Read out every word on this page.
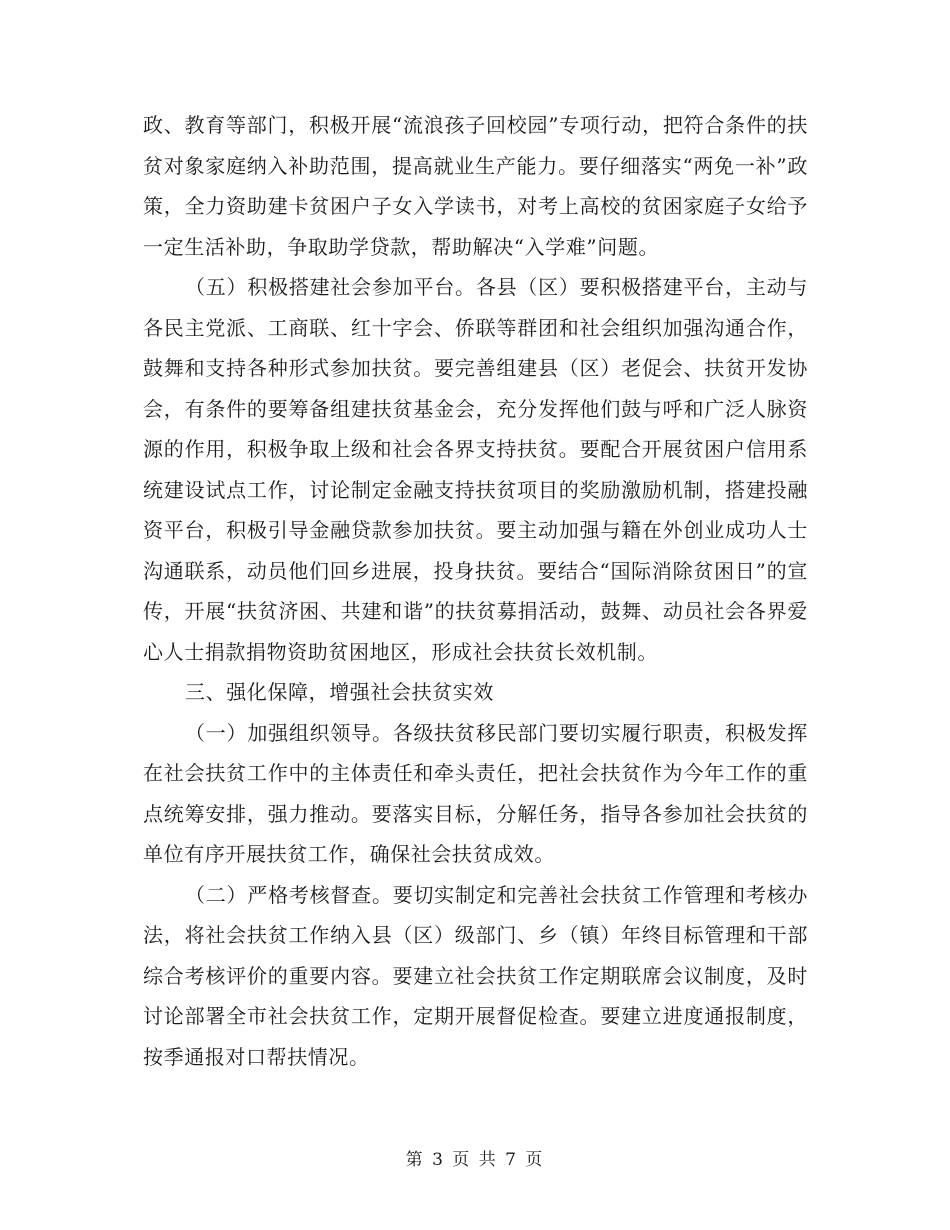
政、教育等部门，积极开展“流浪孩子回校园”专项行动，把符合条件的扶贫对象家庭纳入补助范围，提高就业生产能力。要仔细落实“两免一补”政策，全力资助建卡贫困户子女入学读书，对考上高校的贫困家庭子女给予一定生活补助，争取助学贷款，帮助解决“入学难”问题。

（五）积极搭建社会参加平台。各县（区）要积极搭建平台，主动与各民主党派、工商联、红十字会、侨联等群团和社会组织加强沟通合作，鼓舞和支持各种形式参加扶贫。要完善组建县（区）老促会、扶贫开发协会，有条件的要筹备组建扶贫基金会，充分发挥他们鼓与呼和广泛人脉资源的作用，积极争取上级和社会各界支持扶贫。要配合开展贫困户信用系统建设试点工作，讨论制定金融支持扶贫项目的奖励激励机制，搭建投融资平台，积极引导金融贷款参加扶贫。要主动加强与籍在外创业成功人士沟通联系，动员他们回乡进展，投身扶贫。要结合“国际消除贫困日”的宣传，开展“扶贫济困、共建和谐”的扶贫募捐活动，鼓舞、动员社会各界爱心人士捐款捐物资助贫困地区，形成社会扶贫长效机制。

三、强化保障，增强社会扶贫实效

（一）加强组织领导。各级扶贫移民部门要切实履行职责，积极发挥在社会扶贫工作中的主体责任和牵头责任，把社会扶贫作为今年工作的重点统筹安排，强力推动。要落实目标，分解任务，指导各参加社会扶贫的单位有序开展扶贫工作，确保社会扶贫成效。

（二）严格考核督查。要切实制定和完善社会扶贫工作管理和考核办法，将社会扶贫工作纳入县（区）级部门、乡（镇）年终目标管理和干部综合考核评价的重要内容。要建立社会扶贫工作定期联席会议制度，及时讨论部署全市社会扶贫工作，定期开展督促检查。要建立进度通报制度，按季通报对口帮扶情况。

第 3 页 共 7 页
